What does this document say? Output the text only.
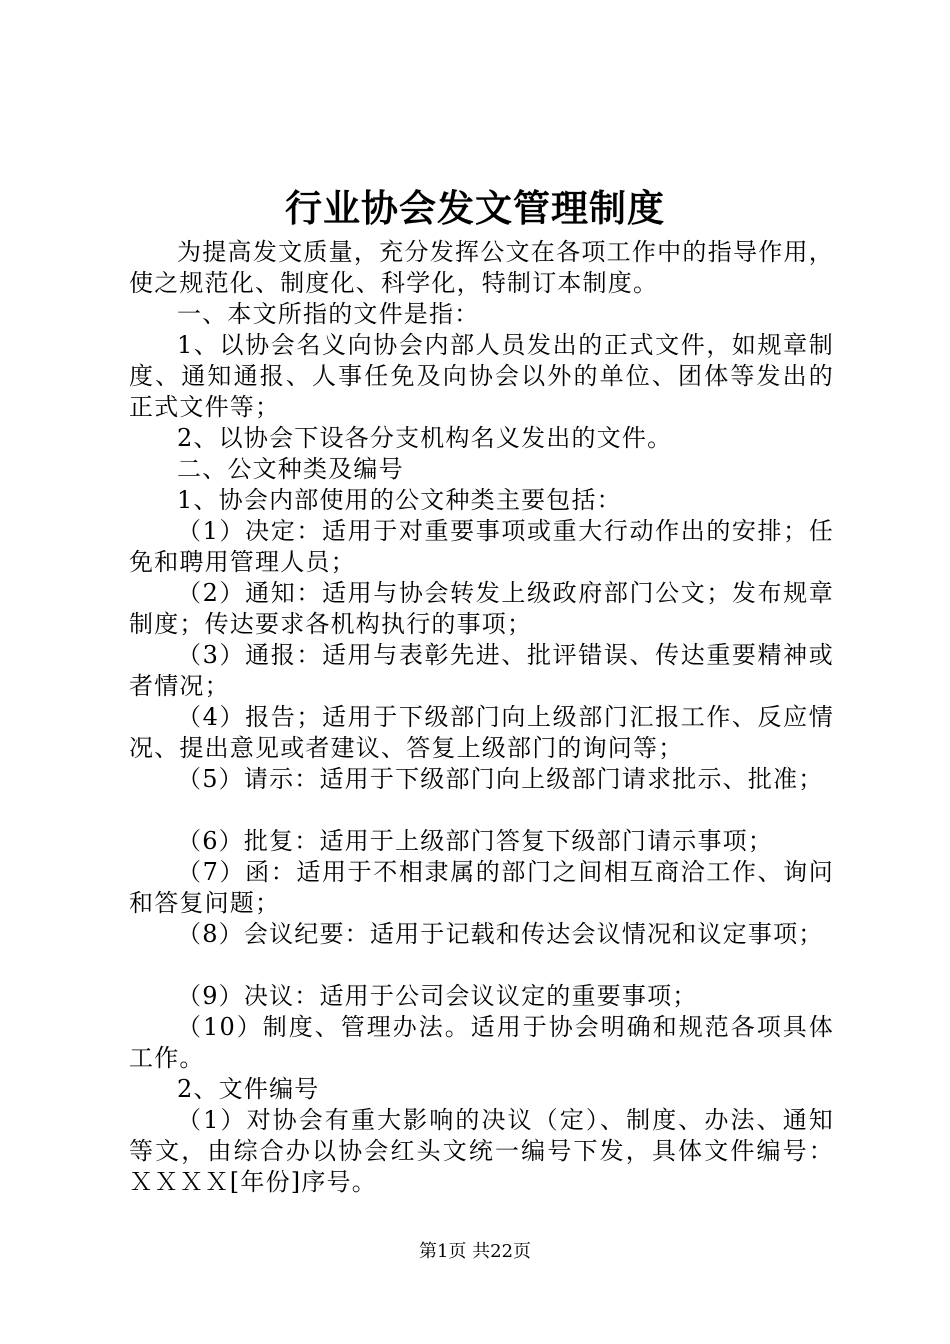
行业协会发文管理制度

为提高发文质量，充分发挥公文在各项工作中的指导作用，使之规范化、制度化、科学化，特制订本制度。

一、本文所指的文件是指：

1、以协会名义向协会内部人员发出的正式文件，如规章制度、通知通报、人事任免及向协会以外的单位、团体等发出的正式文件等；

2、以协会下设各分支机构名义发出的文件。

二、公文种类及编号

1、协会内部使用的公文种类主要包括：

（1）决定：适用于对重要事项或重大行动作出的安排；任免和聘用管理人员；

（2）通知：适用与协会转发上级政府部门公文；发布规章制度；传达要求各机构执行的事项；

（3）通报：适用与表彰先进、批评错误、传达重要精神或者情况；

（4）报告；适用于下级部门向上级部门汇报工作、反应情况、提出意见或者建议、答复上级部门的询问等；

（5）请示：适用于下级部门向上级部门请求批示、批准；

（6）批复：适用于上级部门答复下级部门请示事项；

（7）函：适用于不相隶属的部门之间相互商洽工作、询问和答复问题；

（8）会议纪要：适用于记载和传达会议情况和议定事项；

（9）决议：适用于公司会议议定的重要事项；

（10）制度、管理办法。适用于协会明确和规范各项具体工作。

2、文件编号

（1）对协会有重大影响的决议（定）、制度、办法、通知等文，由综合办以协会红头文统一编号下发，具体文件编号：ＸＸＸＸ[年份]序号。

第1页 共22页
